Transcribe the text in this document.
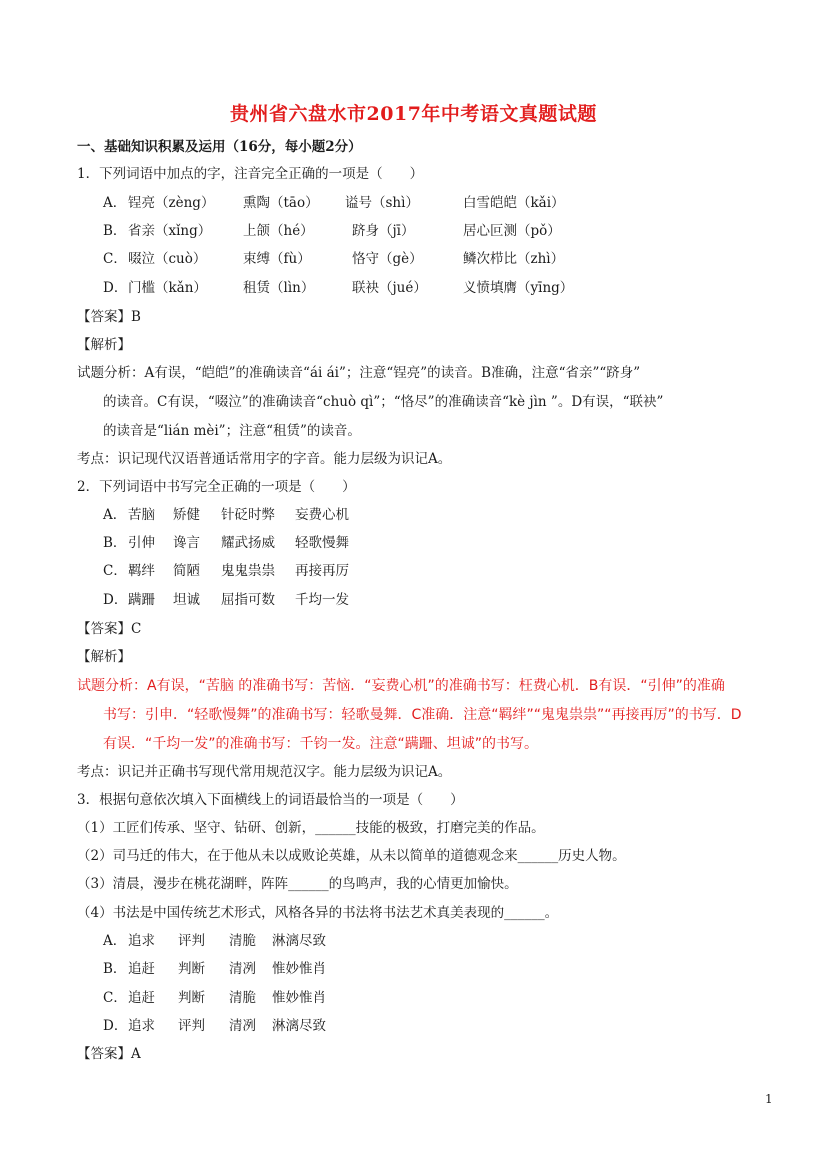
贵州省六盘水市2017年中考语文真题试题
一、基础知识积累及运用（16分，每小题2分）
1．下列词语中加点的字，注音完全正确的一项是（　　）
A． 锃亮（zèng） 熏陶（tāo） 谥号（shì）	白雪皑皑（kǎi）
B． 省亲（xǐng） 上颌（hé）	跻身（jī）	居心叵测（pǒ）
C． 啜泣（cuò）	束缚（fù）	恪守（gè）	鳞次栉比（zhì）
D． 门槛（kǎn）	租赁（lìn）	联袂（jué）	义愤填膺（yīng）
【答案】B
【解析】
试题分析：A有误，“皑皑”的准确读音“ái ái”；注意“锃亮”的读音。B准确，注意“省亲”“跻身”
的读音。C有误，“啜泣”的准确读音“chuò qì”；“恪尽”的准确读音“kè jìn ”。D有误，“联袂”
的读音是“lián mèi”；注意“租赁”的读音。
考点：识记现代汉语普通话常用字的字音。能力层级为识记A。
2．下列词语中书写完全正确的一项是（　　）
A． 苦脑 矫健 针砭时弊 妄费心机
B． 引伸 谗言 耀武扬威 轻歌慢舞
C． 羁绊 简陋 鬼鬼祟祟 再接再厉
D． 蹒跚 坦诚 屈指可数 千均一发
【答案】C
【解析】
试题分析：A有误，“苦脑 的准确书写：苦恼．“妄费心机”的准确书写：枉费心机．B有误．“引伸”的准确
书写：引申．“轻歌慢舞”的准确书写：轻歌曼舞．C准确．注意“羁绊”“鬼鬼祟祟”“再接再厉”的书写．D
有误．“千均一发”的准确书写：千钧一发。注意“蹒跚、坦诚”的书写。
考点：识记并正确书写现代常用规范汉字。能力层级为识记A。
3．根据句意依次填入下面横线上的词语最恰当的一项是（　　）
（1）工匠们传承、坚守、钻研、创新，______技能的极致，打磨完美的作品。
（2）司马迁的伟大，在于他从未以成败论英雄，从未以简单的道德观念来______历史人物。
（3）清晨，漫步在桃花湖畔，阵阵______的鸟鸣声，我的心情更加愉快。
（4）书法是中国传统艺术形式，风格各异的书法将书法艺术真美表现的______。
A． 追求 评判 清脆 淋漓尽致
B． 追赶 判断 清冽 惟妙惟肖
C． 追赶 判断 清脆 惟妙惟肖
D． 追求 评判 清冽 淋漓尽致
【答案】A
1
